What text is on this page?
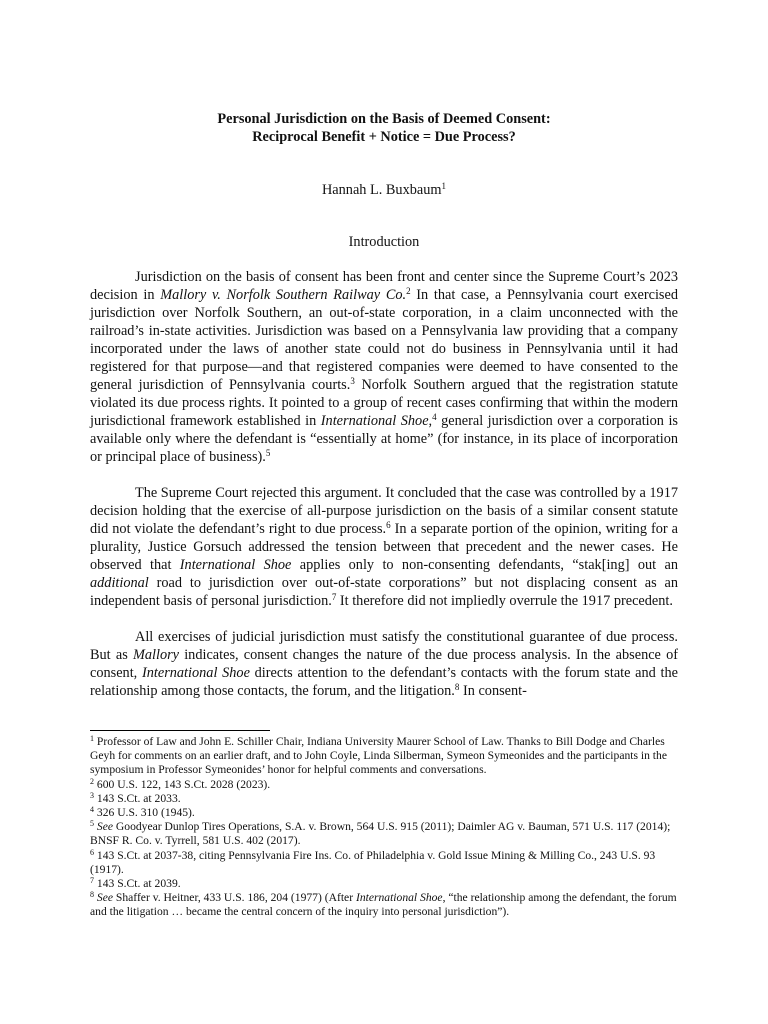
Personal Jurisdiction on the Basis of Deemed Consent:
Reciprocal Benefit + Notice = Due Process?
Hannah L. Buxbaum$^1$
Introduction

Jurisdiction on the basis of consent has been front and center since the Supreme Court’s 2023 decision in Mallory v. Norfolk Southern Railway Co.$^2$ In that case, a Pennsylvania court exercised jurisdiction over Norfolk Southern, an out-of-state corporation, in a claim unconnected with the railroad’s in-state activities. Jurisdiction was based on a Pennsylvania law providing that a company incorporated under the laws of another state could not do business in Pennsylvania until it had registered for that purpose—and that registered companies were deemed to have consented to the general jurisdiction of Pennsylvania courts.$^3$ Norfolk Southern argued that the registration statute violated its due process rights. It pointed to a group of recent cases confirming that within the modern jurisdictional framework established in International Shoe,$^4$ general jurisdiction over a corporation is available only where the defendant is “essentially at home” (for instance, in its place of incorporation or principal place of business).$^5$

The Supreme Court rejected this argument. It concluded that the case was controlled by a 1917 decision holding that the exercise of all-purpose jurisdiction on the basis of a similar consent statute did not violate the defendant’s right to due process.$^6$ In a separate portion of the opinion, writing for a plurality, Justice Gorsuch addressed the tension between that precedent and the newer cases. He observed that International Shoe applies only to non-consenting defendants, “stak[ing] out an additional road to jurisdiction over out-of-state corporations” but not displacing consent as an independent basis of personal jurisdiction.$^7$ It therefore did not impliedly overrule the 1917 precedent.

All exercises of judicial jurisdiction must satisfy the constitutional guarantee of due process. But as Mallory indicates, consent changes the nature of the due process analysis. In the absence of consent, International Shoe directs attention to the defendant’s contacts with the forum state and the relationship among those contacts, the forum, and the litigation.$^8$ In consent-

$^1$ Professor of Law and John E. Schiller Chair, Indiana University Maurer School of Law. Thanks to Bill Dodge and Charles Geyh for comments on an earlier draft, and to John Coyle, Linda Silberman, Symeon Symeonides and the participants in the symposium in Professor Symeonides’ honor for helpful comments and conversations.

$^2$ 600 U.S. 122, 143 S.Ct. 2028 (2023).

$^3$ 143 S.Ct. at 2033.

$^4$ 326 U.S. 310 (1945).

$^5$ See Goodyear Dunlop Tires Operations, S.A. v. Brown, 564 U.S. 915 (2011); Daimler AG v. Bauman, 571 U.S. 117 (2014); BNSF R. Co. v. Tyrrell, 581 U.S. 402 (2017).

$^6$ 143 S.Ct. at 2037-38, citing Pennsylvania Fire Ins. Co. of Philadelphia v. Gold Issue Mining & Milling Co., 243 U.S. 93 (1917).

$^7$ 143 S.Ct. at 2039.

$^8$ See Shaffer v. Heitner, 433 U.S. 186, 204 (1977) (After International Shoe, “the relationship among the defendant, the forum and the litigation … became the central concern of the inquiry into personal jurisdiction”).
